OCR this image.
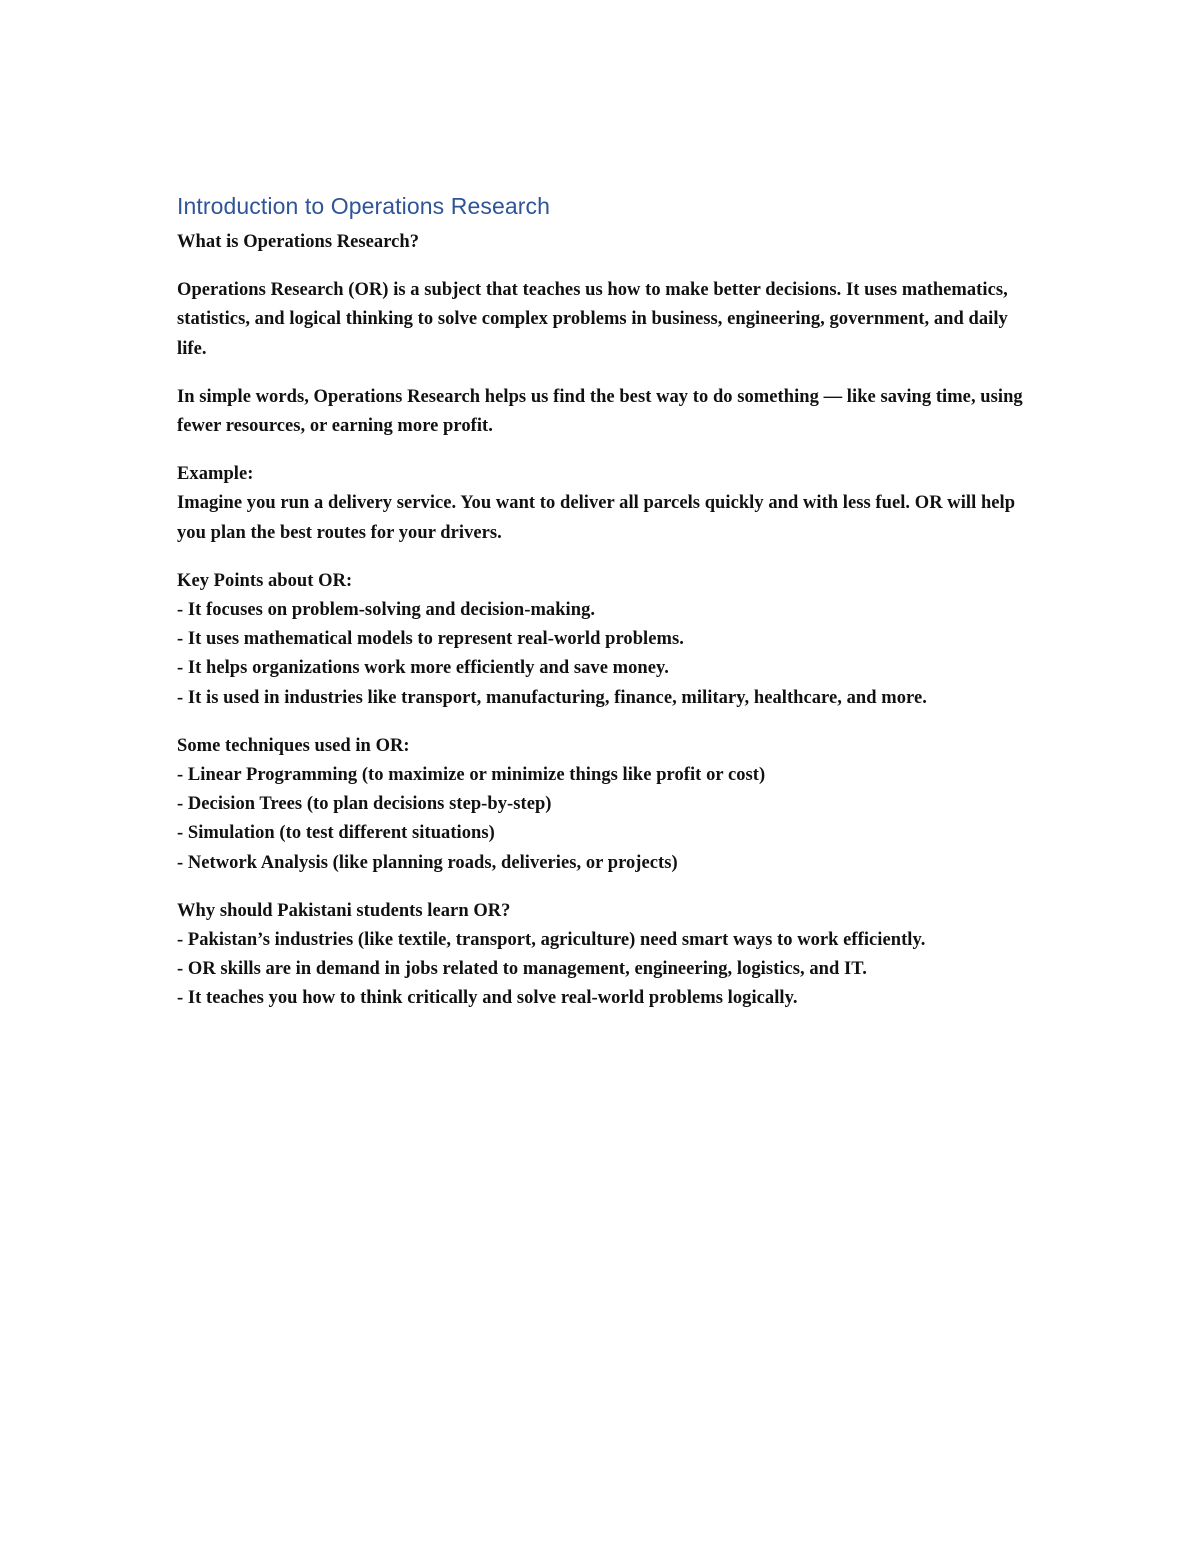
Introduction to Operations Research

What is Operations Research?

Operations Research (OR) is a subject that teaches us how to make better decisions. It uses mathematics, statistics, and logical thinking to solve complex problems in business, engineering, government, and daily life.

In simple words, Operations Research helps us find the best way to do something — like saving time, using fewer resources, or earning more profit.

Example:
Imagine you run a delivery service. You want to deliver all parcels quickly and with less fuel. OR will help you plan the best routes for your drivers.
Key Points about OR:
- It focuses on problem-solving and decision-making.
- It uses mathematical models to represent real-world problems.
- It helps organizations work more efficiently and save money.
- It is used in industries like transport, manufacturing, finance, military, healthcare, and more.
Some techniques used in OR:
- Linear Programming (to maximize or minimize things like profit or cost)
- Decision Trees (to plan decisions step-by-step)
- Simulation (to test different situations)
- Network Analysis (like planning roads, deliveries, or projects)
Why should Pakistani students learn OR?
- Pakistan’s industries (like textile, transport, agriculture) need smart ways to work efficiently.
- OR skills are in demand in jobs related to management, engineering, logistics, and IT.
- It teaches you how to think critically and solve real-world problems logically.
